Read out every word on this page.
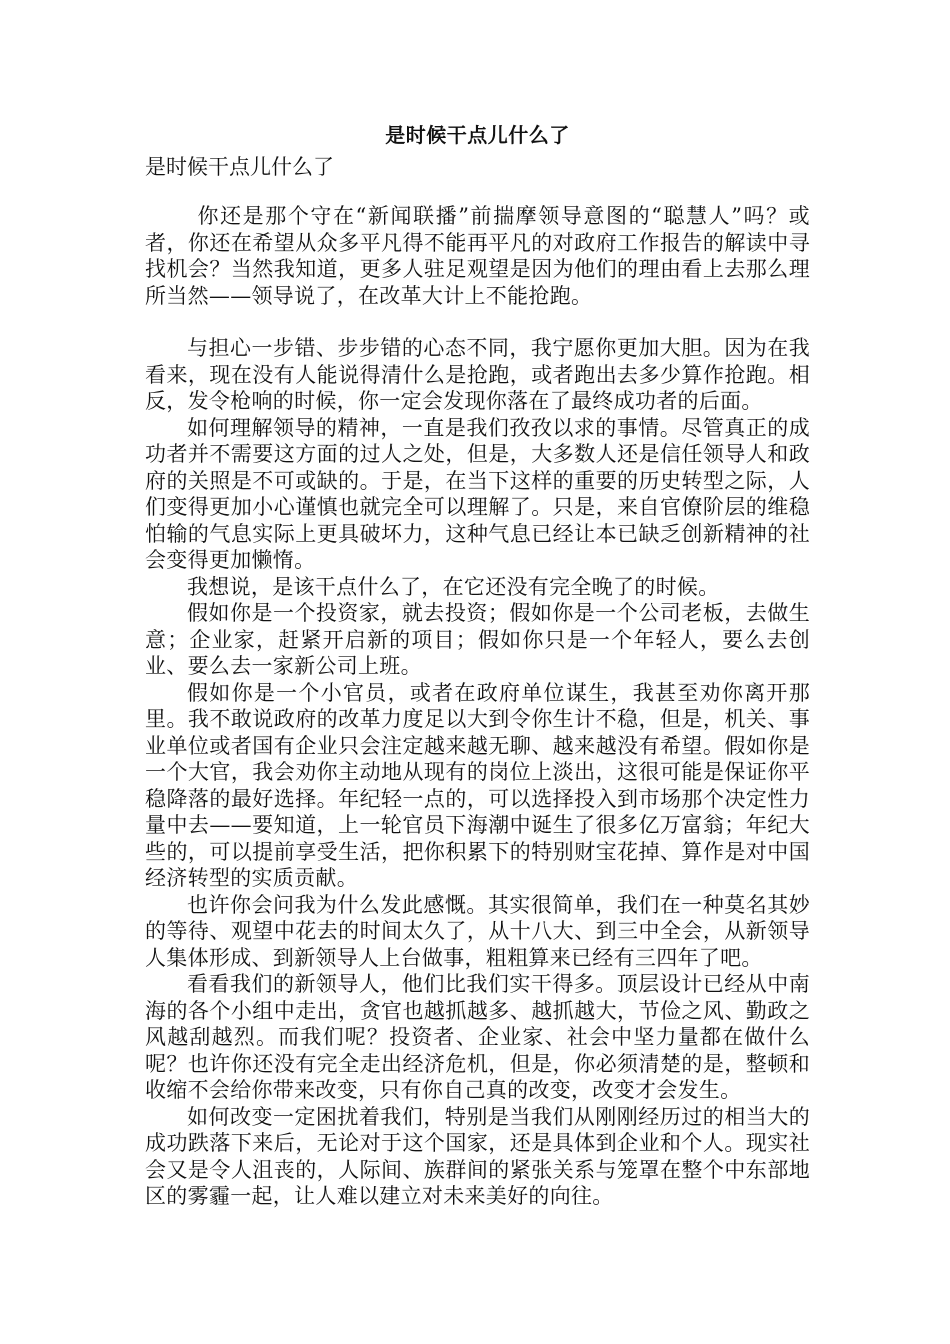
是时候干点儿什么了

是时候干点儿什么了

你还是那个守在“新闻联播”前揣摩领导意图的“聪慧人”吗？或者，你还在希望从众多平凡得不能再平凡的对政府工作报告的解读中寻找机会？当然我知道，更多人驻足观望是因为他们的理由看上去那么理所当然——领导说了，在改革大计上不能抢跑。

与担心一步错、步步错的心态不同，我宁愿你更加大胆。因为在我看来，现在没有人能说得清什么是抢跑，或者跑出去多少算作抢跑。相反，发令枪响的时候，你一定会发现你落在了最终成功者的后面。

如何理解领导的精神，一直是我们孜孜以求的事情。尽管真正的成功者并不需要这方面的过人之处，但是，大多数人还是信任领导人和政府的关照是不可或缺的。于是，在当下这样的重要的历史转型之际，人们变得更加小心谨慎也就完全可以理解了。只是，来自官僚阶层的维稳怕输的气息实际上更具破坏力，这种气息已经让本已缺乏创新精神的社会变得更加懒惰。

我想说，是该干点什么了，在它还没有完全晚了的时候。

假如你是一个投资家，就去投资；假如你是一个公司老板，去做生意；企业家，赶紧开启新的项目；假如你只是一个年轻人，要么去创业、要么去一家新公司上班。

假如你是一个小官员，或者在政府单位谋生，我甚至劝你离开那里。我不敢说政府的改革力度足以大到令你生计不稳，但是，机关、事业单位或者国有企业只会注定越来越无聊、越来越没有希望。假如你是一个大官，我会劝你主动地从现有的岗位上淡出，这很可能是保证你平稳降落的最好选择。年纪轻一点的，可以选择投入到市场那个决定性力量中去——要知道，上一轮官员下海潮中诞生了很多亿万富翁；年纪大些的，可以提前享受生活，把你积累下的特别财宝花掉、算作是对中国经济转型的实质贡献。

也许你会问我为什么发此感慨。其实很简单，我们在一种莫名其妙的等待、观望中花去的时间太久了，从十八大、到三中全会，从新领导人集体形成、到新领导人上台做事，粗粗算来已经有三四年了吧。

看看我们的新领导人，他们比我们实干得多。顶层设计已经从中南海的各个小组中走出，贪官也越抓越多、越抓越大，节俭之风、勤政之风越刮越烈。而我们呢？投资者、企业家、社会中坚力量都在做什么呢？也许你还没有完全走出经济危机，但是，你必须清楚的是，整顿和收缩不会给你带来改变，只有你自己真的改变，改变才会发生。

如何改变一定困扰着我们，特别是当我们从刚刚经历过的相当大的成功跌落下来后，无论对于这个国家，还是具体到企业和个人。现实社会又是令人沮丧的，人际间、族群间的紧张关系与笼罩在整个中东部地区的雾霾一起，让人难以建立对未来美好的向往。
